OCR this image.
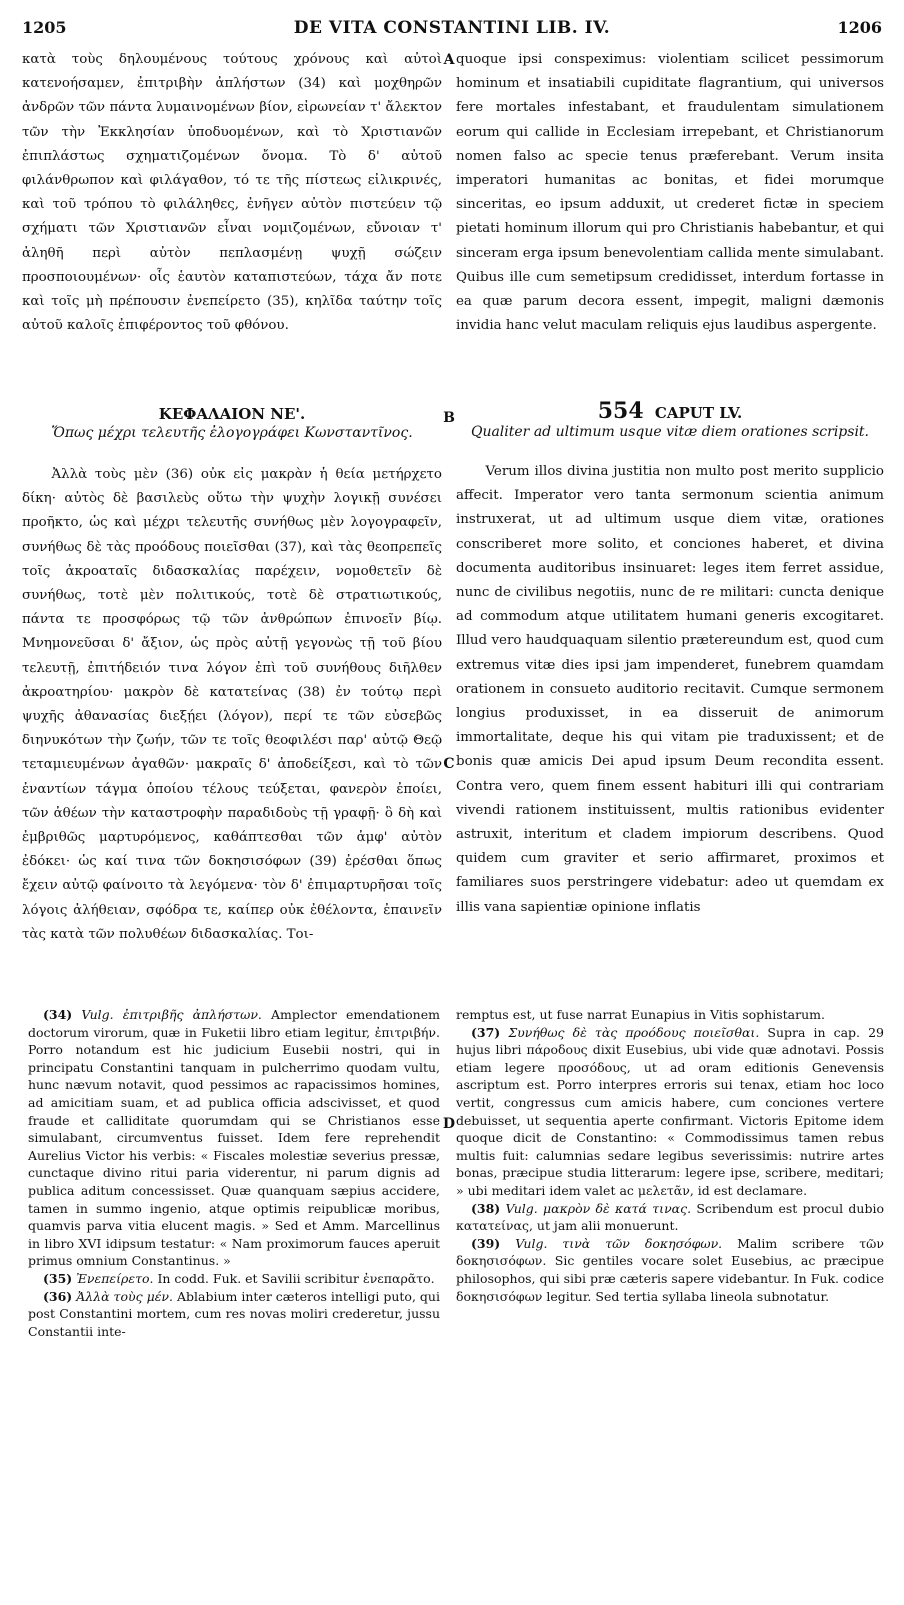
1205	DE VITA CONSTANTINI LIB. IV.	1206

κατὰ τοὺς δηλουμένους τούτους χρόνους καὶ αὐτοὶ κατενοήσαμεν, ἐπιτριβὴν ἀπλήστων (34) καὶ μοχθηρῶν ἀνδρῶν τῶν πάντα λυμαινομένων βίον, εἰρωνείαν τ' ἄλεκτον τῶν τὴν Ἐκκλησίαν ὑποδυομένων, καὶ τὸ Χριστιανῶν ἐπιπλάστως σχηματιζομένων ὄνομα. Τὸ δ' αὐτοῦ φιλάνθρωπον καὶ φιλάγαθον, τό τε τῆς πίστεως εἰλικρινές, καὶ τοῦ τρόπου τὸ φιλάληθες, ἐνῆγεν αὐτὸν πιστεύειν τῷ σχήματι τῶν Χριστιανῶν εἶναι νομιζομένων, εὔνοιαν τ' ἀληθῆ περὶ αὐτὸν πεπλασμένῃ ψυχῇ σώζειν προσποιουμένων· οἷς ἑαυτὸν καταπιστεύων, τάχα ἄν ποτε καὶ τοῖς μὴ πρέπουσιν ἐνεπείρετο (35), κηλῖδα ταύτην τοῖς αὐτοῦ καλοῖς ἐπιφέροντος τοῦ φθόνου.

quoque ipsi conspeximus: violentiam scilicet pessimorum hominum et insatiabili cupiditate flagrantium, qui universos fere mortales infestabant, et fraudulentam simulationem eorum qui callide in Ecclesiam irrepebant, et Christianorum nomen falso ac specie tenus præferebant. Verum insita imperatori humanitas ac bonitas, et fidei morumque sinceritas, eo ipsum adduxit, ut crederet fictæ in speciem pietati hominum illorum qui pro Christianis habebantur, et qui sinceram erga ipsum benevolentiam callida mente simulabant. Quibus ille cum semetipsum credidisset, interdum fortasse in ea quæ parum decora essent, impegit, maligni dæmonis invidia hanc velut maculam reliquis ejus laudibus aspergente.

A
B
C
D
ΚΕΦΑΛΑΙΟΝ ΝΕ'.
Ὅπως μέχρι τελευτῆς ἐλογογράφει Κωνσταντῖνος.
554 CAPUT LV.
Qualiter ad ultimum usque vitæ diem orationes scripsit.

Ἀλλὰ τοὺς μὲν (36) οὐκ εἰς μακρὰν ἡ θεία μετήρχετο δίκη· αὐτὸς δὲ βασιλεὺς οὕτω τὴν ψυχὴν λογικῇ συνέσει προῆκτο, ὡς καὶ μέχρι τελευτῆς συνήθως μὲν λογογραφεῖν, συνήθως δὲ τὰς προόδους ποιεῖσθαι (37), καὶ τὰς θεοπρεπεῖς τοῖς ἀκροαταῖς διδασκαλίας παρέχειν, νομοθετεῖν δὲ συνήθως, τοτὲ μὲν πολιτικούς, τοτὲ δὲ στρατιωτικούς, πάντα τε προσφόρως τῷ τῶν ἀνθρώπων ἐπινοεῖν βίῳ. Μνημονεῦσαι δ' ἄξιον, ὡς πρὸς αὐτῇ γεγονὼς τῇ τοῦ βίου τελευτῇ, ἐπιτήδειόν τινα λόγον ἐπὶ τοῦ συνήθους διῆλθεν ἀκροατηρίου· μακρὸν δὲ κατατείνας (38) ἐν τούτῳ περὶ ψυχῆς ἀθανασίας διεξῄει (λόγον), περί τε τῶν εὐσεβῶς διηνυκότων τὴν ζωήν, τῶν τε τοῖς θεοφιλέσι παρ' αὐτῷ Θεῷ τεταμιευμένων ἀγαθῶν· μακραῖς δ' ἀποδείξεσι, καὶ τὸ τῶν ἐναντίων τάγμα ὁποίου τέλους τεύξεται, φανερὸν ἐποίει, τῶν ἀθέων τὴν καταστροφὴν παραδιδοὺς τῇ γραφῇ· ὃ δὴ καὶ ἐμβριθῶς μαρτυρόμενος, καθάπτεσθαι τῶν ἀμφ' αὐτὸν ἐδόκει· ὡς καί τινα τῶν δοκησισόφων (39) ἐρέσθαι ὅπως ἔχειν αὐτῷ φαίνοιτο τὰ λεγόμενα· τὸν δ' ἐπιμαρτυρῆσαι τοῖς λόγοις ἀλήθειαν, σφόδρα τε, καίπερ οὐκ ἐθέλοντα, ἐπαινεῖν τὰς κατὰ τῶν πολυθέων διδασκαλίας. Τοι-

Verum illos divina justitia non multo post merito supplicio affecit. Imperator vero tanta sermonum scientia animum instruxerat, ut ad ultimum usque diem vitæ, orationes conscriberet more solito, et conciones haberet, et divina documenta auditoribus insinuaret: leges item ferret assidue, nunc de civilibus negotiis, nunc de re militari: cuncta denique ad commodum atque utilitatem humani generis excogitaret. Illud vero haudquaquam silentio prætereundum est, quod cum extremus vitæ dies ipsi jam impenderet, funebrem quamdam orationem in consueto auditorio recitavit. Cumque sermonem longius produxisset, in ea disseruit de animorum immortalitate, deque his qui vitam pie traduxissent; et de bonis quæ amicis Dei apud ipsum Deum recondita essent. Contra vero, quem finem essent habituri illi qui contrariam vivendi rationem instituissent, multis rationibus evidenter astruxit, interitum et cladem impiorum describens. Quod quidem cum graviter et serio affirmaret, proximos et familiares suos perstringere videbatur: adeo ut quemdam ex illis vana sapientiæ opinione inflatis

(34) Vulg. ἐπιτριβῆς ἀπλήστων. Amplector emendationem doctorum virorum, quæ in Fuketii libro etiam legitur, ἐπιτριβήν. Porro notandum est hic judicium Eusebii nostri, qui in principatu Constantini tanquam in pulcherrimo quodam vultu, hunc nævum notavit, quod pessimos ac rapacissimos homines, ad amicitiam suam, et ad publica officia adscivisset, et quod fraude et calliditate quorumdam qui se Christianos esse simulabant, circumventus fuisset. Idem fere reprehendit Aurelius Victor his verbis: « Fiscales molestiæ severius pressæ, cunctaque divino ritui paria viderentur, ni parum dignis ad publica aditum concessisset. Quæ quanquam sæpius accidere, tamen in summo ingenio, atque optimis reipublicæ moribus, quamvis parva vitia elucent magis. » Sed et Amm. Marcellinus in libro XVI idipsum testatur: « Nam proximorum fauces aperuit primus omnium Constantinus. »

(35) Ἐνεπείρετο. In codd. Fuk. et Savilii scribitur ἐνεπαρᾶτο.

(36) Ἀλλὰ τοὺς μέν. Ablabium inter cæteros intelligi puto, qui post Constantini mortem, cum res novas moliri crederetur, jussu Constantii inte-

remptus est, ut fuse narrat Eunapius in Vitis sophistarum.

(37) Συνήθως δὲ τὰς προόδους ποιεῖσθαι. Supra in cap. 29 hujus libri πάροδους dixit Eusebius, ubi vide quæ adnotavi. Possis etiam legere προσόδους, ut ad oram editionis Genevensis ascriptum est. Porro interpres erroris sui tenax, etiam hoc loco vertit, congressus cum amicis habere, cum conciones vertere debuisset, ut sequentia aperte confirmant. Victoris Epitome idem quoque dicit de Constantino: « Commodissimus tamen rebus multis fuit: calumnias sedare legibus severissimis: nutrire artes bonas, præcipue studia litterarum: legere ipse, scribere, meditari; » ubi meditari idem valet ac μελετᾶν, id est declamare.

(38) Vulg. μακρὸν δὲ κατά τινας. Scribendum est procul dubio κατατείνας, ut jam alii monuerunt.

(39) Vulg. τινὰ τῶν δοκησόφων. Malim scribere τῶν δοκησισόφων. Sic gentiles vocare solet Eusebius, ac præcipue philosophos, qui sibi præ cæteris sapere videbantur. In Fuk. codice δοκησισόφων legitur. Sed tertia syllaba lineola subnotatur.
